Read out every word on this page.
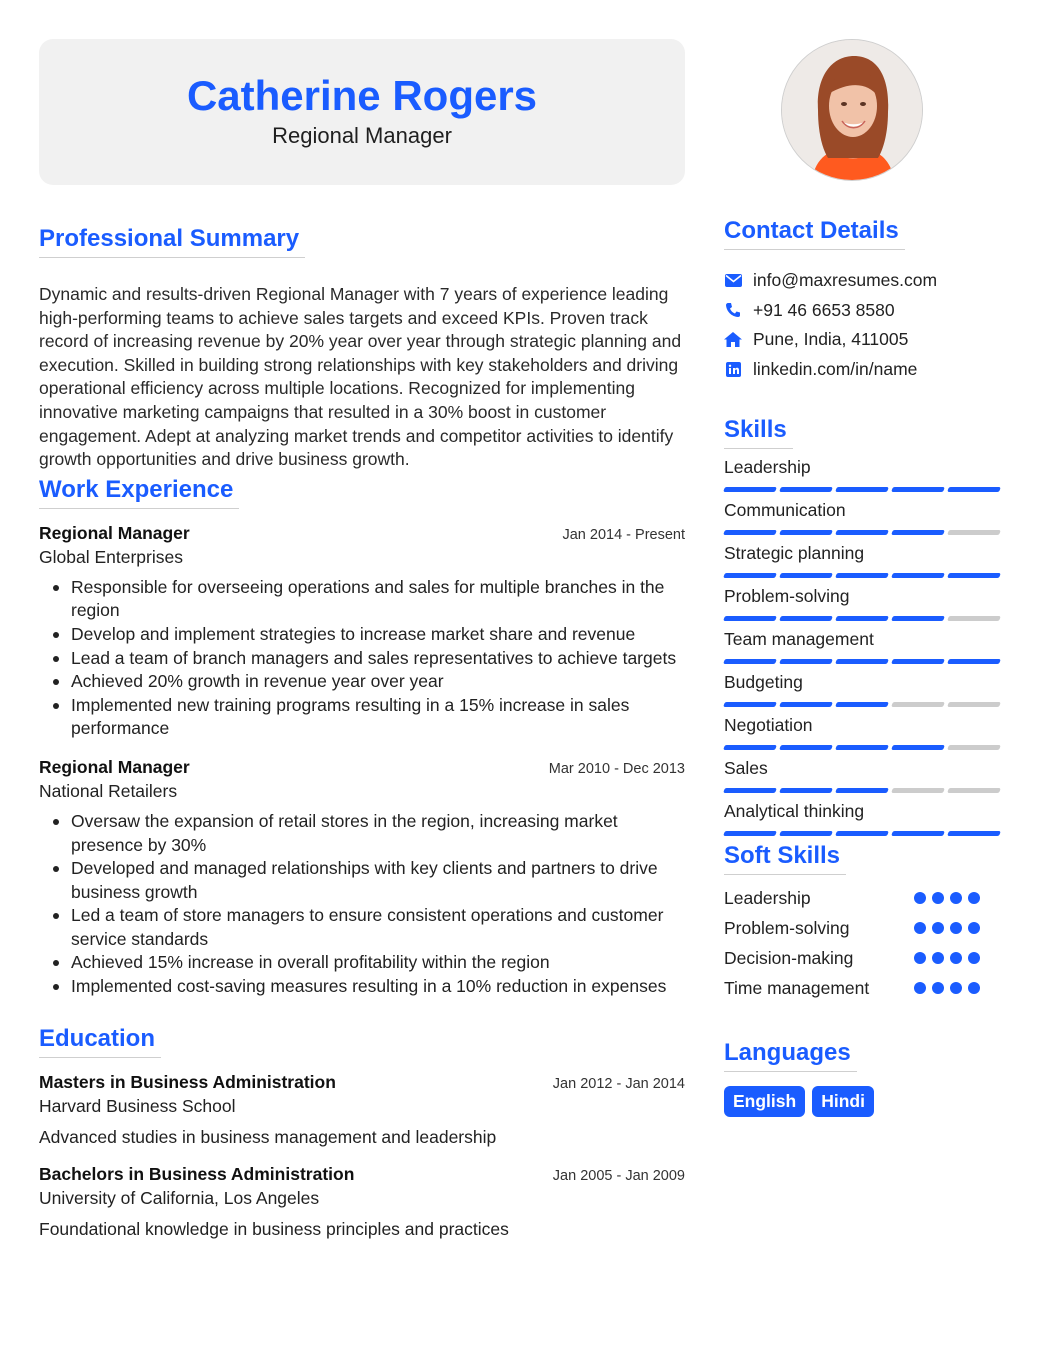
Catherine Rogers
Regional Manager
Professional Summary

Dynamic and results-driven Regional Manager with 7 years of experience leading high-performing teams to achieve sales targets and exceed KPIs. Proven track record of increasing revenue by 20% year over year through strategic planning and execution. Skilled in building strong relationships with key stakeholders and driving operational efficiency across multiple locations. Recognized for implementing innovative marketing campaigns that resulted in a 30% boost in customer engagement. Adept at analyzing market trends and competitor activities to identify growth opportunities and drive business growth.

Work Experience
Regional Manager	Jan 2014 - Present
Global Enterprises
Responsible for overseeing operations and sales for multiple branches in the region
Develop and implement strategies to increase market share and revenue
Lead a team of branch managers and sales representatives to achieve targets
Achieved 20% growth in revenue year over year
Implemented new training programs resulting in a 15% increase in sales performance
Regional Manager	Mar 2010 - Dec 2013
National Retailers
Oversaw the expansion of retail stores in the region, increasing market presence by 30%
Developed and managed relationships with key clients and partners to drive business growth
Led a team of store managers to ensure consistent operations and customer service standards
Achieved 15% increase in overall profitability within the region
Implemented cost-saving measures resulting in a 10% reduction in expenses
Education
Masters in Business Administration	Jan 2012 - Jan 2014
Harvard Business School
Advanced studies in business management and leadership
Bachelors in Business Administration	Jan 2005 - Jan 2009
University of California, Los Angeles
Foundational knowledge in business principles and practices
Contact Details
info@maxresumes.com
+91 46 6653 8580
Pune, India, 411005
linkedin.com/in/name
Skills
Leadership
Communication
Strategic planning
Problem-solving
Team management
Budgeting
Negotiation
Sales
Analytical thinking
Soft Skills
Leadership
Problem-solving
Decision-making
Time management
Languages
English	Hindi
